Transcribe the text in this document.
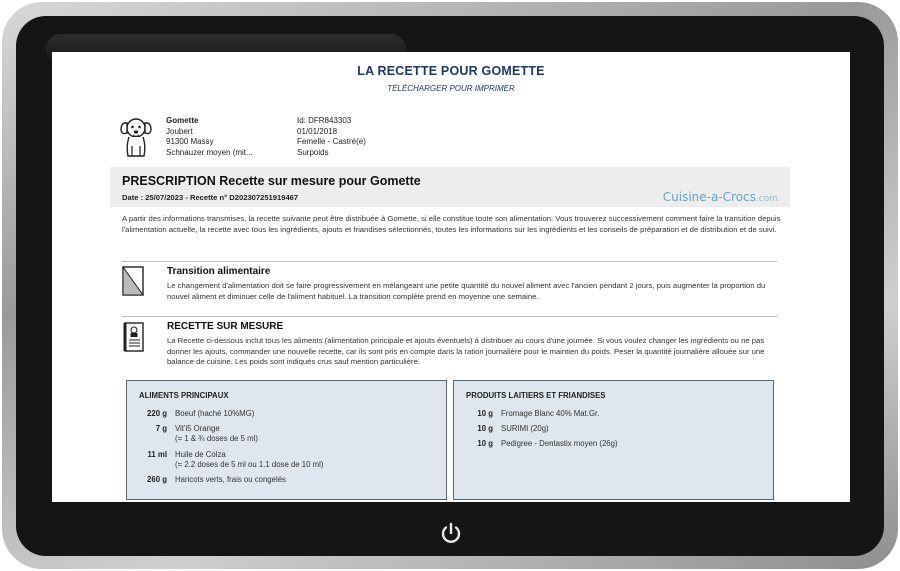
LA RECETTE POUR GOMETTE
TÉLÉCHARGER POUR IMPRIMER
Gomette
Joubert
91300 Massy
Schnauzer moyen (mit...
Id: DFR843303
01/01/2018
Femelle - Castré(e)
Surpoids
PRESCRIPTION Recette sur mesure pour Gomette
Date : 25/07/2023 - Recette n° D202307251919467	Cuisine-a-Crocs.com
A partir des informations transmises, la recette suivante peut être distribuée à Gomette, si elle constitue toute son alimentation. Vous trouverez successivement comment faire la transition depuis l'alimentation actuelle, la recette avec tous les ingrédients, ajouts et friandises sélectionnés, toutes les informations sur les ingrédients et les conseils de préparation et de distribution et de suivi.
Transition alimentaire
Le changement d'alimentation doit se faire progressivement en mélangeant une petite quantité du nouvel aliment avec l'ancien pendant 2 jours, puis augmenter la proportion du nouvel aliment et diminuer celle de l'aliment habituel. La transition complète prend en moyenne une semaine.
RECETTE SUR MESURE
La Recette ci-dessous inclut tous les aliments (alimentation principale et ajouts éventuels) à distribuer au cours d'une journée. Si vous voulez changer les ingrédients ou ne pas donner les ajouts, commander une nouvelle recette, car ils sont pris en compte dans la ration journalière pour le maintien du poids. Peser la quantité journalière allouée sur une balance de cuisine. Les poids sont indiqués crus sauf mention particulière.
ALIMENTS PRINCIPAUX
220 g	Boeuf (haché 10%MG)
7 g	Vit'i5 Orange
(= 1 & ¾ doses de 5 ml)
11 ml	Huile de Colza
(= 2.2 doses de 5 ml ou 1.1 dose de 10 ml)
260 g	Haricots verts, frais ou congelés
PRODUITS LAITIERS ET FRIANDISES
10 g	Fromage Blanc 40% Mat.Gr.
10 g	SURIMI (20g)
10 g	Pedigree - Dentastix moyen (26g)
